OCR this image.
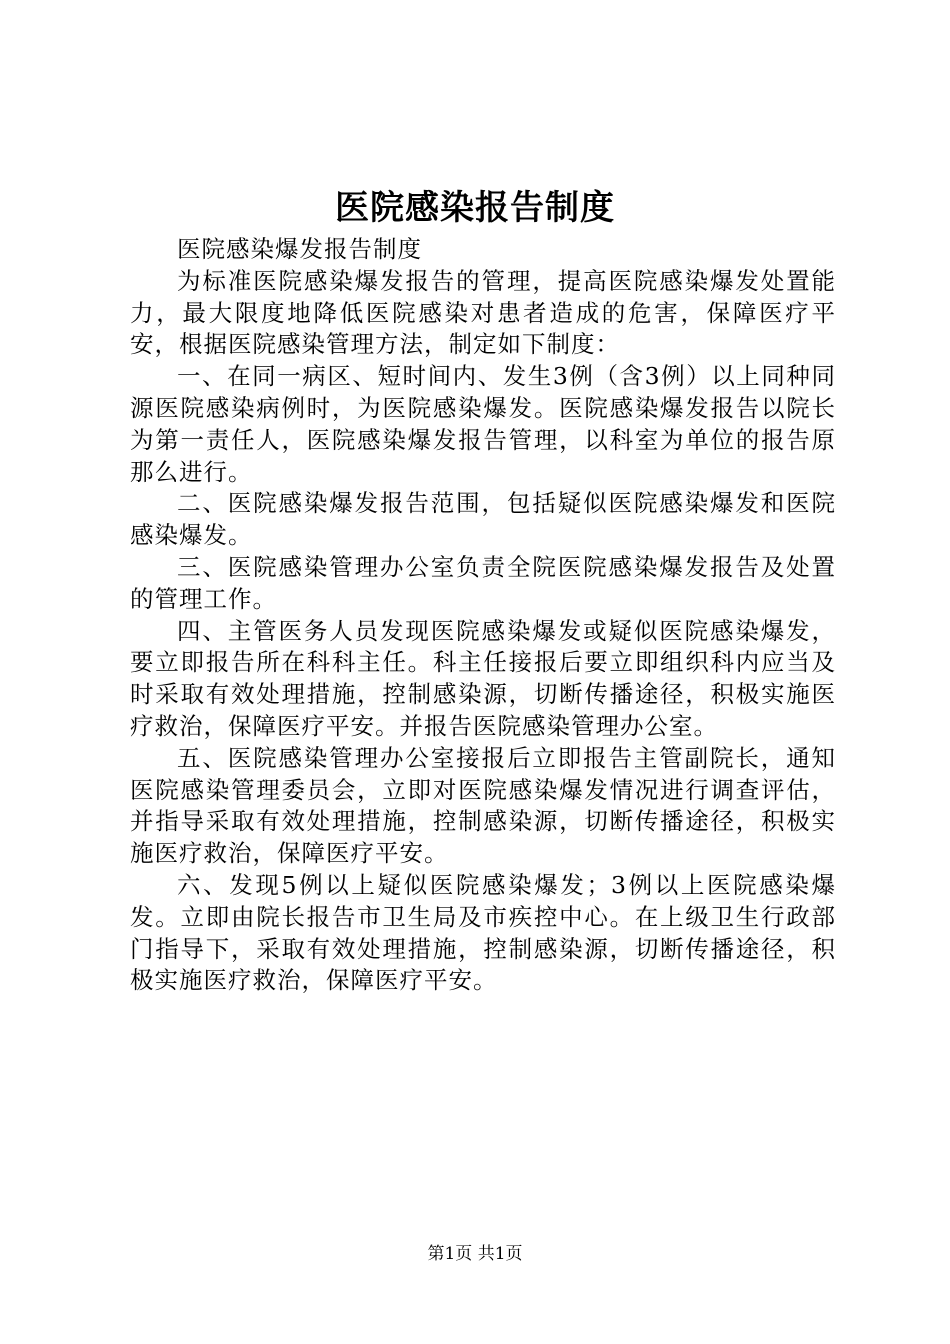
医院感染报告制度

医院感染爆发报告制度

为标准医院感染爆发报告的管理，提高医院感染爆发处置能力，最大限度地降低医院感染对患者造成的危害，保障医疗平安，根据医院感染管理方法，制定如下制度：

一、在同一病区、短时间内、发生3例（含3例）以上同种同源医院感染病例时，为医院感染爆发。医院感染爆发报告以院长为第一责任人，医院感染爆发报告管理，以科室为单位的报告原那么进行。

二、医院感染爆发报告范围，包括疑似医院感染爆发和医院感染爆发。

三、医院感染管理办公室负责全院医院感染爆发报告及处置的管理工作。

四、主管医务人员发现医院感染爆发或疑似医院感染爆发，要立即报告所在科科主任。科主任接报后要立即组织科内应当及时采取有效处理措施，控制感染源，切断传播途径，积极实施医疗救治，保障医疗平安。并报告医院感染管理办公室。

五、医院感染管理办公室接报后立即报告主管副院长，通知医院感染管理委员会，立即对医院感染爆发情况进行调查评估，并指导采取有效处理措施，控制感染源，切断传播途径，积极实施医疗救治，保障医疗平安。

六、发现5例以上疑似医院感染爆发；3例以上医院感染爆发。立即由院长报告市卫生局及市疾控中心。在上级卫生行政部门指导下，采取有效处理措施，控制感染源，切断传播途径，积极实施医疗救治，保障医疗平安。

第1页 共1页
